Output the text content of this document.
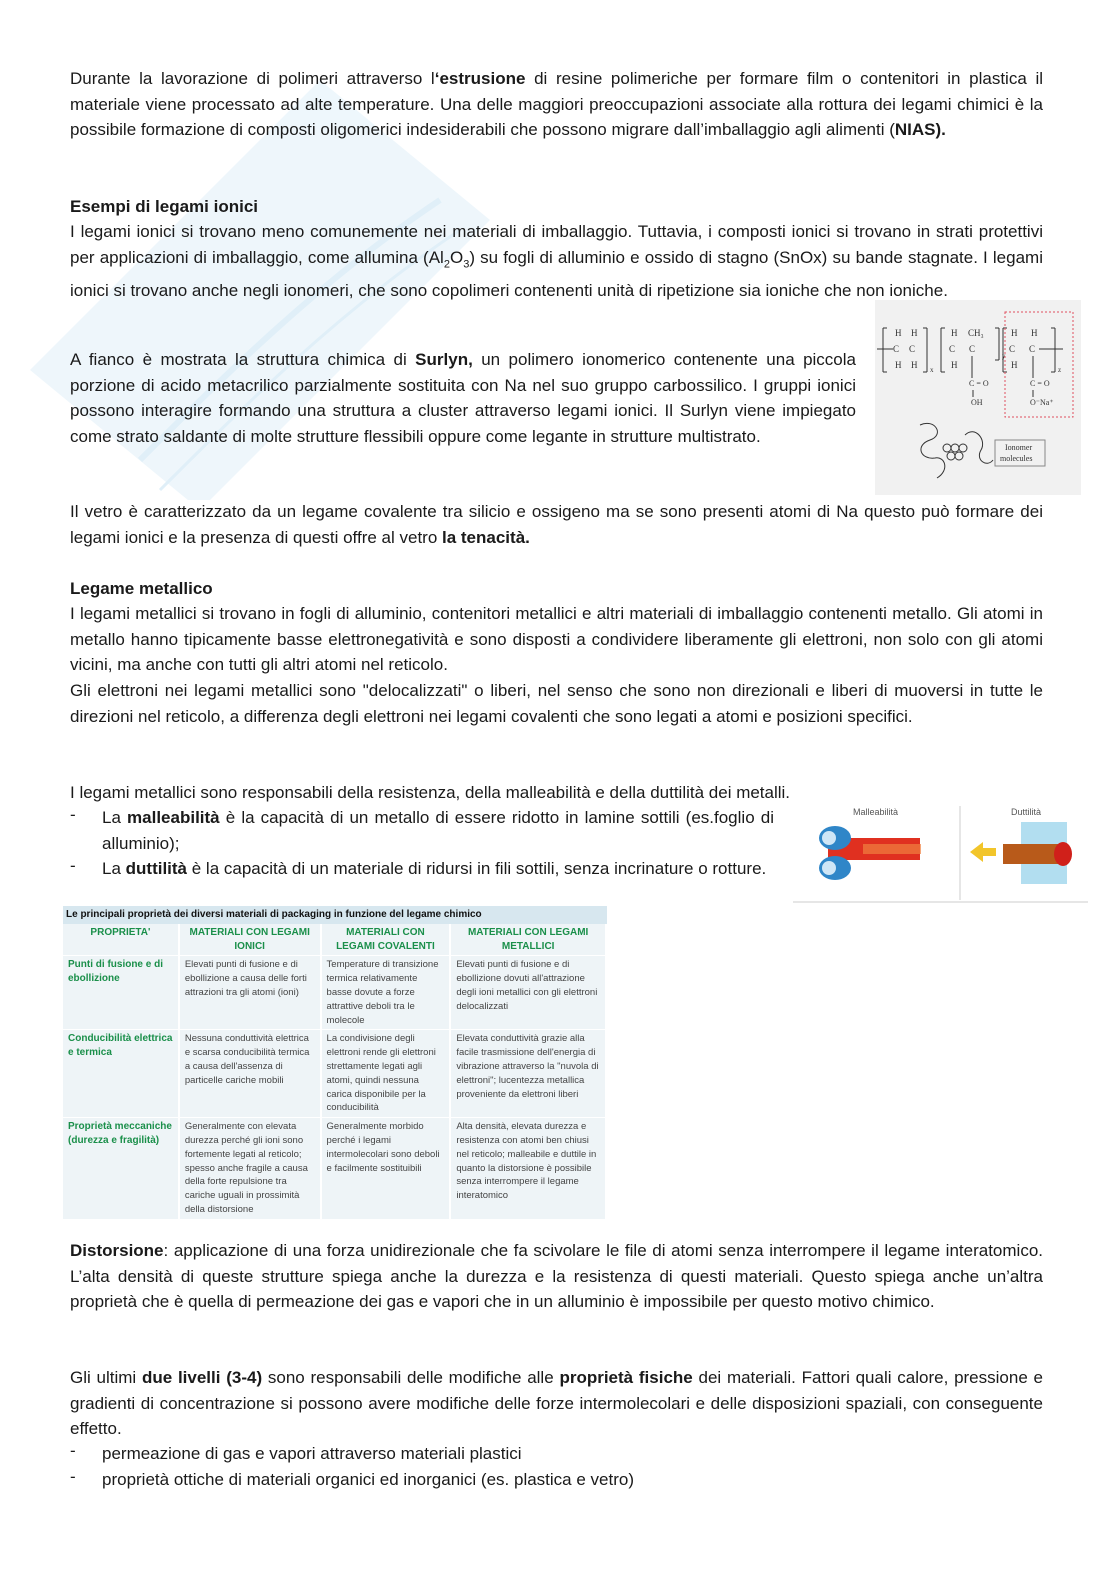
Durante la lavorazione di polimeri attraverso l‘estrusione di resine polimeriche per formare film o contenitori in plastica il materiale viene processato ad alte temperature. Una delle maggiori preoccupazioni associate alla rottura dei legami chimici è la possibile formazione di composti oligomerici indesiderabili che possono migrare dall’imballaggio agli alimenti (NIAS).

Esempi di legami ionici

I legami ionici si trovano meno comunemente nei materiali di imballaggio. Tuttavia, i composti ionici si trovano in strati protettivi per applicazioni di imballaggio, come allumina $(Al_2O_3)$ su fogli di alluminio e ossido di stagno (SnOx) su bande stagnate. I legami ionici si trovano anche negli ionomeri, che sono copolimeri contenenti unità di ripetizione sia ioniche che non ioniche.

A fianco è mostrata la struttura chimica di Surlyn, un polimero ionomerico contenente una piccola porzione di acido metacrilico parzialmente sostituita con Na nel suo gruppo carbossilico. I gruppi ionici possono interagire formando una struttura a cluster attraverso legami ionici. Il Surlyn viene impiegato come strato saldante di molte strutture flessibili oppure come legante in strutture multistrato.

H H
C C
H H x
H CH₃
C C
H
y
H H
C C
H	z
C = O
OH
C = O
O⁻Na⁺
Ionomer
molecules

Il vetro è caratterizzato da un legame covalente tra silicio e ossigeno ma se sono presenti atomi di Na questo può formare dei legami ionici e la presenza di questi offre al vetro la tenacità.

Legame metallico

I legami metallici si trovano in fogli di alluminio, contenitori metallici e altri materiali di imballaggio contenenti metallo. Gli atomi in metallo hanno tipicamente basse elettronegatività e sono disposti a condividere liberamente gli elettroni, non solo con gli atomi vicini, ma anche con tutti gli altri atomi nel reticolo.

Gli elettroni nei legami metallici sono "delocalizzati" o liberi, nel senso che sono non direzionali e liberi di muoversi in tutte le direzioni nel reticolo, a differenza degli elettroni nei legami covalenti che sono legati a atomi e posizioni specifici.

I legami metallici sono responsabili della resistenza, della malleabilità e della duttilità dei metalli.

- La malleabilità è la capacità di un metallo di essere ridotto in lamine sottili (es.foglio di alluminio);

- La duttilità è la capacità di un materiale di ridursi in fili sottili, senza incrinature o rotture.

Malleabilità	Duttilità
Le principali proprietà dei diversi materiali di packaging in funzione del legame chimico
PROPRIETA'	MATERIALI CON LEGAMI IONICI	MATERIALI CON LEGAMI COVALENTI	MATERIALI CON LEGAMI METALLICI
Punti di fusione e di ebollizione	Elevati punti di fusione e di ebollizione a causa delle forti attrazioni tra gli atomi (ioni)	Temperature di transizione termica relativamente basse dovute a forze attrattive deboli tra le molecole	Elevati punti di fusione e di ebollizione dovuti all'attrazione degli ioni metallici con gli elettroni delocalizzati
Conducibilità elettrica e termica	Nessuna conduttività elettrica e scarsa conducibilità termica a causa dell'assenza di particelle cariche mobili	La condivisione degli elettroni rende gli elettroni strettamente legati agli atomi, quindi nessuna carica disponibile per la conducibilità	Elevata conduttività grazie alla facile trasmissione dell'energia di vibrazione attraverso la "nuvola di elettroni"; lucentezza metallica proveniente da elettroni liberi
Proprietà meccaniche (durezza e fragilità)	Generalmente con elevata durezza perché gli ioni sono fortemente legati al reticolo; spesso anche fragile a causa della forte repulsione tra cariche uguali in prossimità della distorsione	Generalmente morbido perché i legami intermolecolari sono deboli e facilmente sostituibili	Alta densità, elevata durezza e resistenza con atomi ben chiusi nel reticolo; malleabile e duttile in quanto la distorsione è possibile senza interrompere il legame interatomico

Distorsione: applicazione di una forza unidirezionale che fa scivolare le file di atomi senza interrompere il legame interatomico. L’alta densità di queste strutture spiega anche la durezza e la resistenza di questi materiali. Questo spiega anche un’altra proprietà che è quella di permeazione dei gas e vapori che in un alluminio è impossibile per questo motivo chimico.

Gli ultimi due livelli (3-4) sono responsabili delle modifiche alle proprietà fisiche dei materiali. Fattori quali calore, pressione e gradienti di concentrazione si possono avere modifiche delle forze intermolecolari e delle disposizioni spaziali, con conseguente effetto.

- permeazione di gas e vapori attraverso materiali plastici

- proprietà ottiche di materiali organici ed inorganici (es. plastica e vetro)
